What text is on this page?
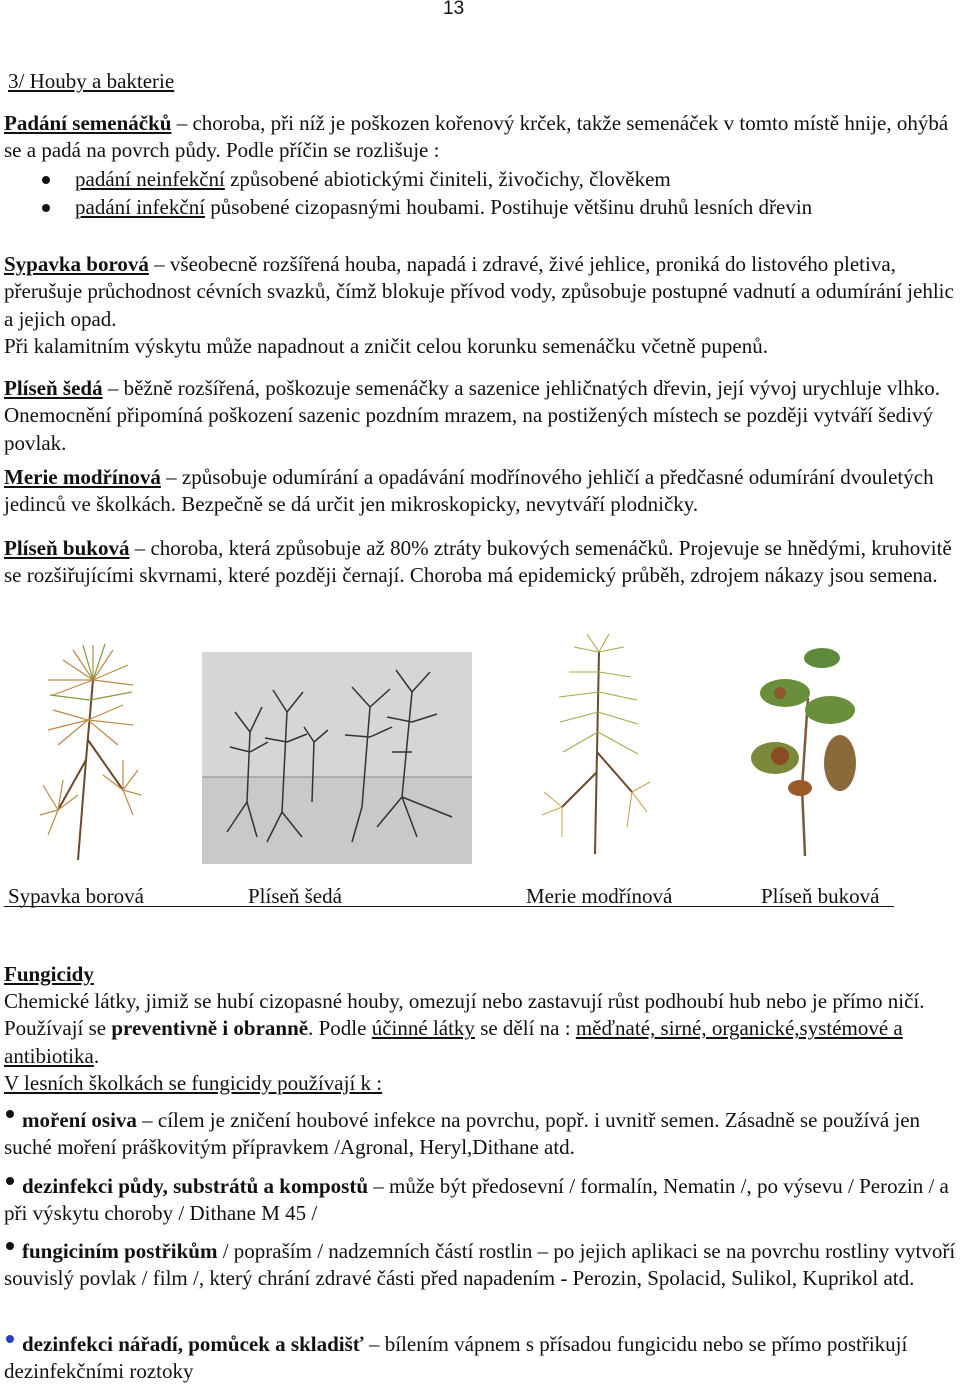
13
3/ Houby a bakterie

Padání semenáčků – choroba, při níž je poškozen kořenový krček, takže semenáček v tomto místě hnije, ohýbá se a padá na povrch půdy. Podle příčin se rozlišuje :

padání neinfekční způsobené abiotickými činiteli, živočichy, člověkem
padání infekční působené cizopasnými houbami. Postihuje většinu druhů lesních dřevin

Sypavka borová – všeobecně rozšířená houba, napadá i zdravé, živé jehlice, proniká do listového pletiva, přerušuje průchodnost cévních svazků, čímž blokuje přívod vody, způsobuje postupné vadnutí a odumírání jehlic a jejich opad.
Při kalamitním výskytu může napadnout a zničit celou korunku semenáčku včetně pupenů.

Plíseň šedá – běžně rozšířená, poškozuje semenáčky a sazenice jehličnatých dřevin, její vývoj urychluje vlhko. Onemocnění připomíná poškození sazenic pozdním mrazem, na postižených místech se později vytváří šedivý povlak.

Merie modřínová – způsobuje odumírání a opadávání modřínového jehličí a předčasné odumírání dvouletých jedinců ve školkách. Bezpečně se dá určit jen mikroskopicky, nevytváří plodničky.

Plíseň buková – choroba, která způsobuje až 80% ztráty bukových semenáčků. Projevuje se hnědými, kruhovitě se rozšiřujícími skvrnami, které později černají. Choroba má epidemický průběh, zdrojem nákazy jsou semena.

Sypavka borová	Plíseň šedá	Merie modřínová	Plíseň buková
Fungicidy

Chemické látky, jimiž se hubí cizopasné houby, omezují nebo zastavují růst podhoubí hub nebo je přímo ničí. Používají se preventivně i obranně. Podle účinné látky se dělí na : měďnaté, sirné, organické,systémové a antibiotika.
V lesních školkách se fungicidy používají k :

moření osiva – cílem je zničení houbové infekce na povrchu, popř. i uvnitř semen. Zásadně se používá jen suché moření práškovitým přípravkem /Agronal, Heryl,Dithane atd.

dezinfekci půdy, substrátů a kompostů – může být předosevní / formalín, Nematin /, po výsevu / Perozin / a při výskytu choroby / Dithane M 45 /

fungiciním postřikům / popraším / nadzemních částí rostlin – po jejich aplikaci se na povrchu rostliny vytvoří souvislý povlak / film /, který chrání zdravé části před napadením - Perozin, Spolacid, Sulikol, Kuprikol atd.

dezinfekci nářadí, pomůcek a skladišť – bílením vápnem s přísadou fungicidu nebo se přímo postřikují dezinfekčními roztoky
